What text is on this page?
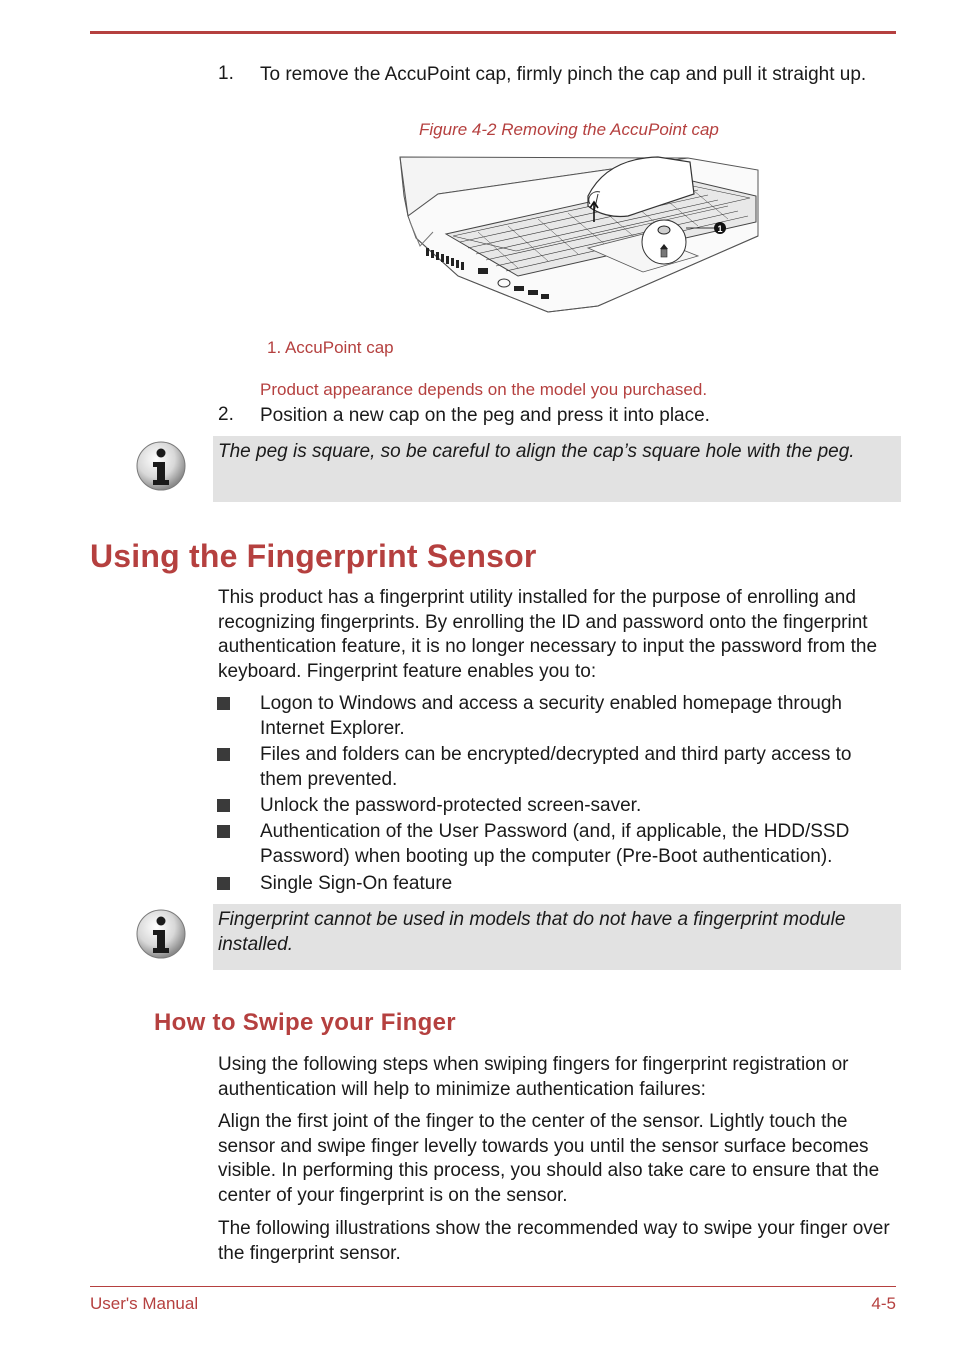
1. To remove the AccuPoint cap, firmly pinch the cap and pull it straight up.
Figure 4-2 Removing the AccuPoint cap
1
1. AccuPoint cap
Product appearance depends on the model you purchased.
2. Position a new cap on the peg and press it into place.
The peg is square, so be careful to align the cap’s square hole with the peg.
Using the Fingerprint Sensor
This product has a fingerprint utility installed for the purpose of enrolling and recognizing fingerprints. By enrolling the ID and password onto the fingerprint authentication feature, it is no longer necessary to input the password from the keyboard. Fingerprint feature enables you to:
Logon to Windows and access a security enabled homepage through Internet Explorer.
Files and folders can be encrypted/decrypted and third party access to them prevented.
Unlock the password-protected screen-saver.
Authentication of the User Password (and, if applicable, the HDD/SSD Password) when booting up the computer (Pre-Boot authentication).
Single Sign-On feature
Fingerprint cannot be used in models that do not have a fingerprint module installed.
How to Swipe your Finger
Using the following steps when swiping fingers for fingerprint registration or authentication will help to minimize authentication failures:
Align the first joint of the finger to the center of the sensor. Lightly touch the sensor and swipe finger levelly towards you until the sensor surface becomes visible. In performing this process, you should also take care to ensure that the center of your fingerprint is on the sensor.
The following illustrations show the recommended way to swipe your finger over the fingerprint sensor.
User's Manual	4-5
